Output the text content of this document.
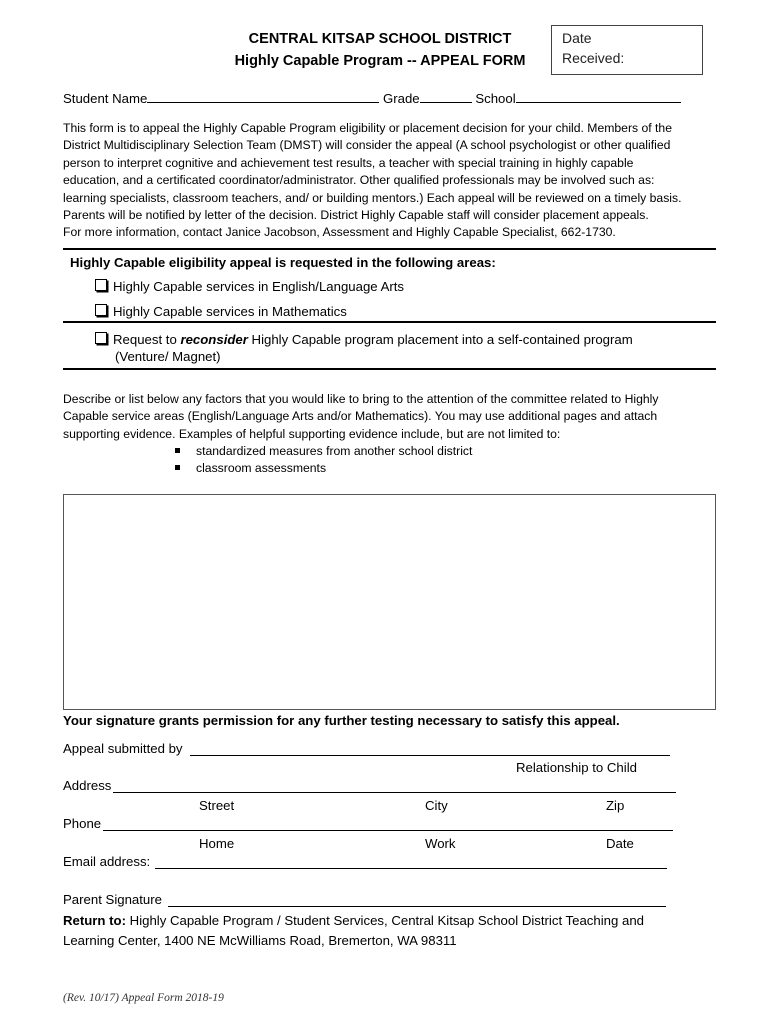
CENTRAL KITSAP SCHOOL DISTRICT
Highly Capable Program -- APPEAL FORM
Date
Received:
Student Name	Grade	School
This form is to appeal the Highly Capable Program eligibility or placement decision for your child. Members of the
District Multidisciplinary Selection Team (DMST) will consider the appeal (A school psychologist or other qualified
person to interpret cognitive and achievement test results, a teacher with special training in highly capable
education, and a certificated coordinator/administrator. Other qualified professionals may be involved such as:
learning specialists, classroom teachers, and/ or building mentors.) Each appeal will be reviewed on a timely basis.
Parents will be notified by letter of the decision. District Highly Capable staff will consider placement appeals.
For more information, contact Janice Jacobson, Assessment and Highly Capable Specialist, 662-1730.
Highly Capable eligibility appeal is requested in the following areas:
Highly Capable services in English/Language Arts
Highly Capable services in Mathematics
Request to reconsider Highly Capable program placement into a self-contained program
(Venture/ Magnet)
Describe or list below any factors that you would like to bring to the attention of the committee related to Highly
Capable service areas (English/Language Arts and/or Mathematics). You may use additional pages and attach
supporting evidence. Examples of helpful supporting evidence include, but are not limited to:
standardized measures from another school district
classroom assessments
Your signature grants permission for any further testing necessary to satisfy this appeal.
Appeal submitted by
Relationship to Child
Address
Street	City	Zip
Phone
Home	Work	Date
Email address:
Parent Signature
Return to: Highly Capable Program / Student Services, Central Kitsap School District Teaching and
Learning Center, 1400 NE McWilliams Road, Bremerton, WA 98311
(Rev. 10/17) Appeal Form 2018-19
